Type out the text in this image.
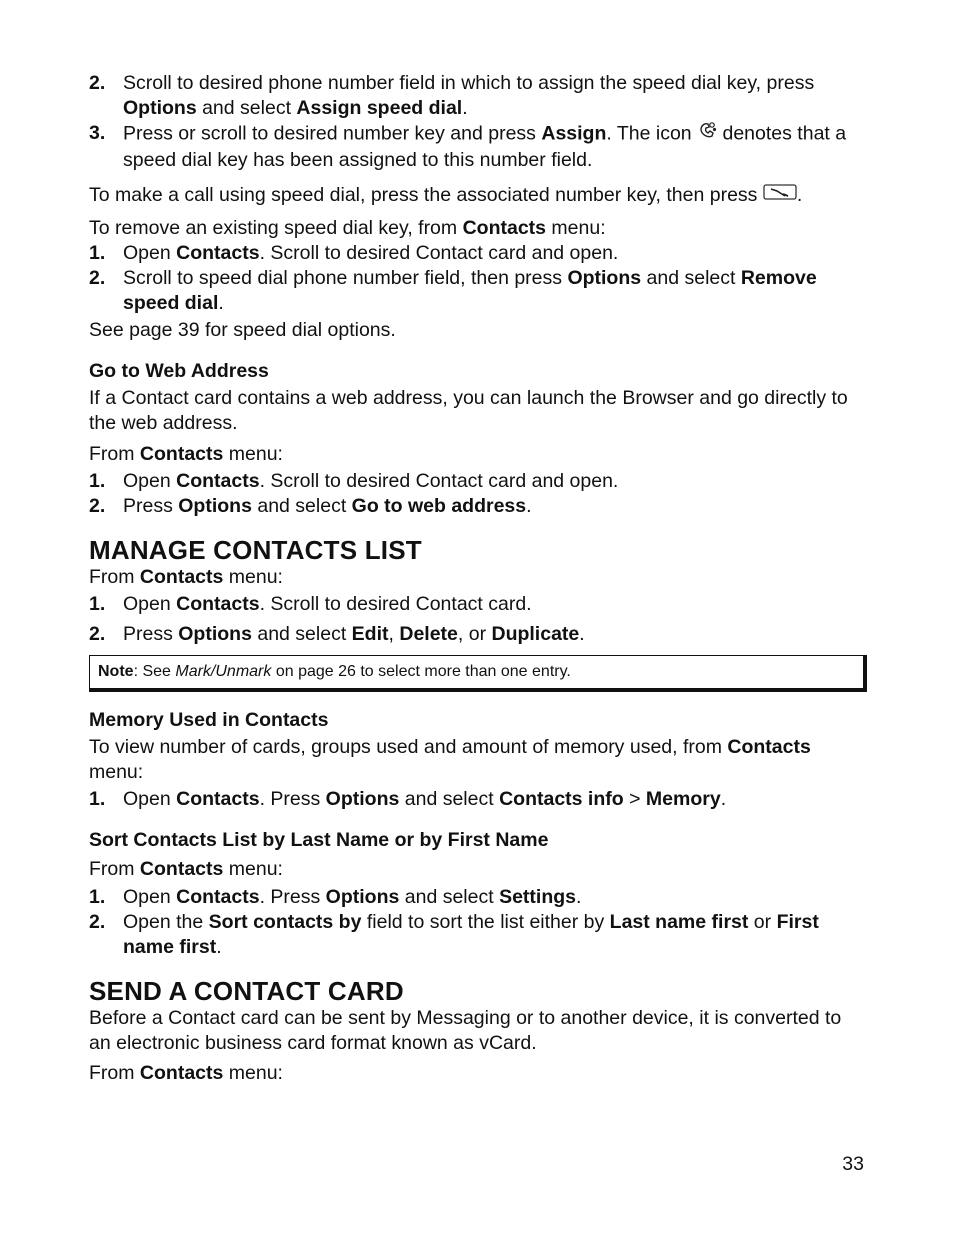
2. Scroll to desired phone number field in which to assign the speed dial key, press Options and select Assign speed dial.
3. Press or scroll to desired number key and press Assign. The icon  denotes that a speed dial key has been assigned to this number field.

To make a call using speed dial, press the associated number key, then press .

To remove an existing speed dial key, from Contacts menu:

1. Open Contacts. Scroll to desired Contact card and open.
2. Scroll to speed dial phone number field, then press Options and select Remove speed dial.

See page 39 for speed dial options.

Go to Web Address

If a Contact card contains a web address, you can launch the Browser and go directly to the web address.

From Contacts menu:

1. Open Contacts. Scroll to desired Contact card and open.
2. Press Options and select Go to web address.

MANAGE CONTACTS LIST

From Contacts menu:

1. Open Contacts. Scroll to desired Contact card.
2. Press Options and select Edit, Delete, or Duplicate.
Note: See Mark/Unmark on page 26 to select more than one entry.

Memory Used in Contacts

To view number of cards, groups used and amount of memory used, from Contacts menu:

1. Open Contacts. Press Options and select Contacts info > Memory.

Sort Contacts List by Last Name or by First Name

From Contacts menu:

1. Open Contacts. Press Options and select Settings.
2. Open the Sort contacts by field to sort the list either by Last name first or First name first.

SEND A CONTACT CARD

Before a Contact card can be sent by Messaging or to another device, it is converted to an electronic business card format known as vCard.

From Contacts menu:

33
